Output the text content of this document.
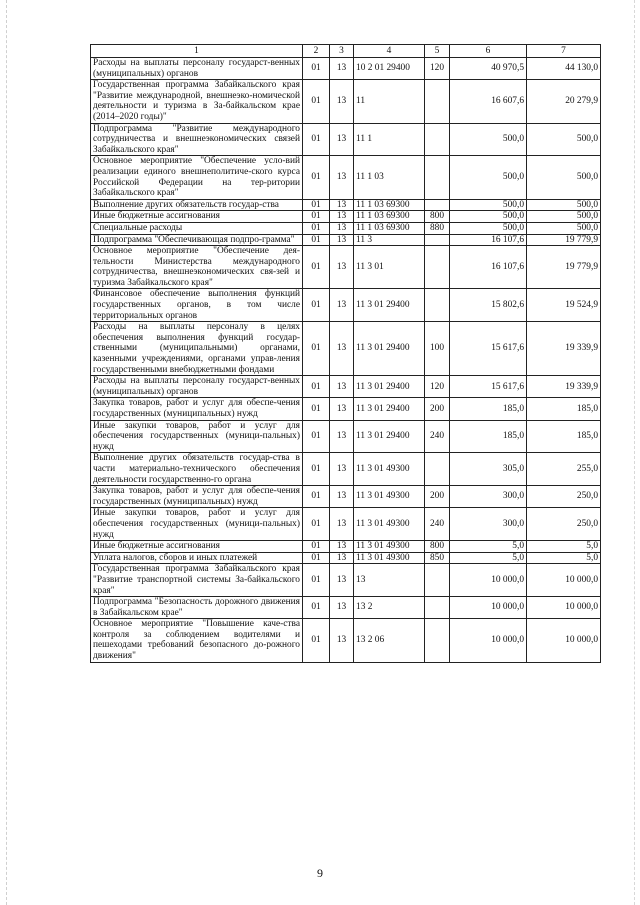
1	2	3	4	5	6	7
Расходы на выплаты персоналу государст-венных (муниципальных) органов	01	13	10 2 01 29400	120	40 970,5	44 130,0
Государственная программа Забайкальского края "Развитие международной, внешнеэко-номической деятельности и туризма в За-байкальском крае (2014–2020 годы)"	01	13	11		16 607,6	20 279,9
Подпрограмма "Развитие международного сотрудничества и внешнеэкономических связей Забайкальского края"	01	13	11 1		500,0	500,0
Основное мероприятие "Обеспечение усло-вий реализации единого внешнеполитиче-ского курса Российской Федерации на тер-ритории Забайкальского края"	01	13	11 1 03		500,0	500,0
Выполнение других обязательств государ-ства	01	13	11 1 03 69300		500,0	500,0
Иные бюджетные ассигнования	01	13	11 1 03 69300	800	500,0	500,0
Специальные расходы	01	13	11 1 03 69300	880	500,0	500,0
Подпрограмма "Обеспечивающая подпро-грамма"	01	13	11 3		16 107,6	19 779,9
Основное мероприятие "Обеспечение дея-тельности Министерства международного сотрудничества, внешнеэкономических свя-зей и туризма Забайкальского края"	01	13	11 3 01		16 107,6	19 779,9
Финансовое обеспечение выполнения функций государственных органов, в том числе территориальных органов	01	13	11 3 01 29400		15 802,6	19 524,9
Расходы на выплаты персоналу в целях обеспечения выполнения функций государ-ственными (муниципальными) органами, казенными учреждениями, органами управ-ления государственными внебюджетными фондами	01	13	11 3 01 29400	100	15 617,6	19 339,9
Расходы на выплаты персоналу государст-венных (муниципальных) органов	01	13	11 3 01 29400	120	15 617,6	19 339,9
Закупка товаров, работ и услуг для обеспе-чения государственных (муниципальных) нужд	01	13	11 3 01 29400	200	185,0	185,0
Иные закупки товаров, работ и услуг для обеспечения государственных (муници-пальных) нужд	01	13	11 3 01 29400	240	185,0	185,0
Выполнение других обязательств государ-ства в части материально-технического обеспечения деятельности государственно-го органа	01	13	11 3 01 49300		305,0	255,0
Закупка товаров, работ и услуг для обеспе-чения государственных (муниципальных) нужд	01	13	11 3 01 49300	200	300,0	250,0
Иные закупки товаров, работ и услуг для обеспечения государственных (муници-пальных) нужд	01	13	11 3 01 49300	240	300,0	250,0
Иные бюджетные ассигнования	01	13	11 3 01 49300	800	5,0	5,0
Уплата налогов, сборов и иных платежей	01	13	11 3 01 49300	850	5,0	5,0
Государственная программа Забайкальского края "Развитие транспортной системы За-байкальского края"	01	13	13		10 000,0	10 000,0
Подпрограмма "Безопасность дорожного движения в Забайкальском крае"	01	13	13 2		10 000,0	10 000,0
Основное мероприятие "Повышение каче-ства контроля за соблюдением водителями и пешеходами требований безопасного до-рожного движения"	01	13	13 2 06		10 000,0	10 000,0
9
